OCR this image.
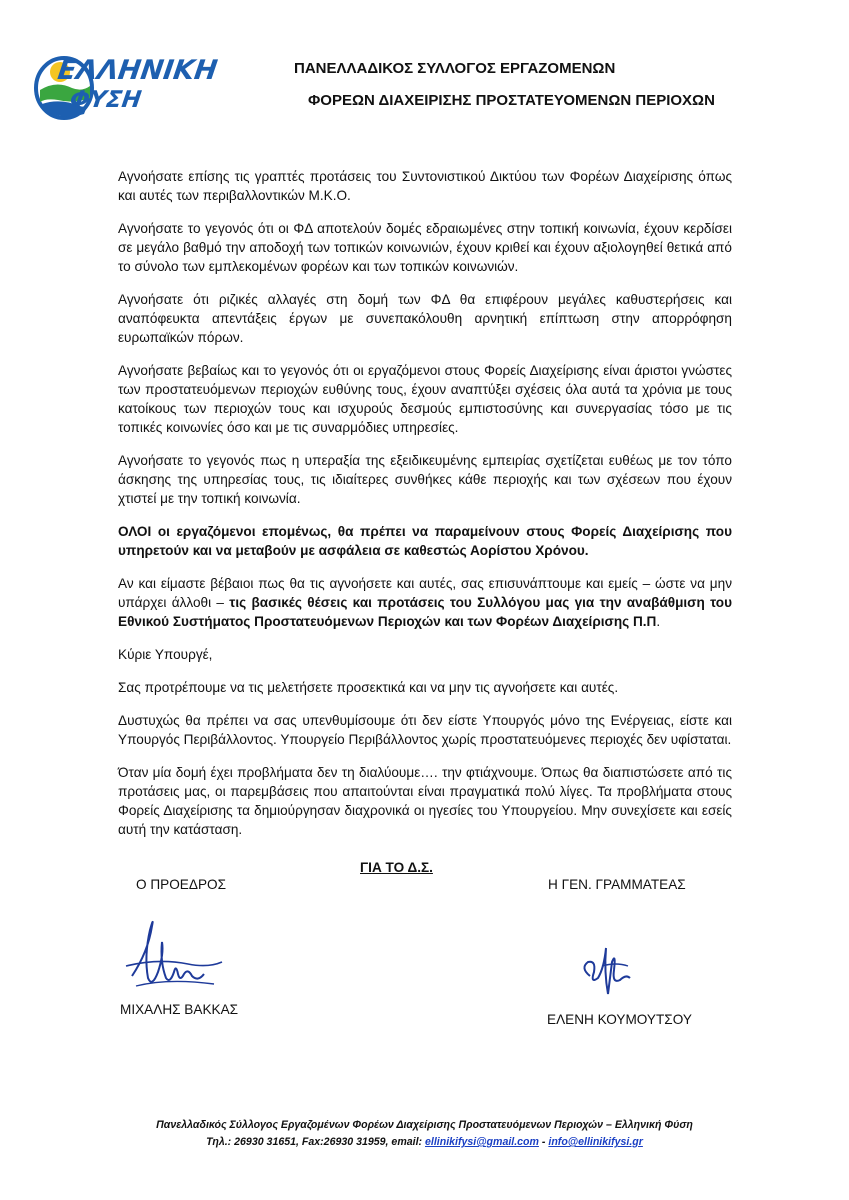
ΕΛΛΗΝΙΚΗ
ΦΥΣΗ
ΠΑΝΕΛΛΑΔΙΚΟΣ ΣΥΛΛΟΓΟΣ ΕΡΓΑΖΟΜΕΝΩΝ
ΦΟΡΕΩΝ ΔΙΑΧΕΙΡΙΣΗΣ ΠΡΟΣΤΑΤΕΥΟΜΕΝΩΝ ΠΕΡΙΟΧΩΝ

Αγνοήσατε επίσης τις γραπτές προτάσεις του Συντονιστικού Δικτύου των Φορέων Διαχείρισης όπως και αυτές των περιβαλλοντικών Μ.Κ.Ο.

Αγνοήσατε το γεγονός ότι οι ΦΔ αποτελούν δομές εδραιωμένες στην τοπική κοινωνία, έχουν κερδίσει σε μεγάλο βαθμό την αποδοχή των τοπικών κοινωνιών, έχουν κριθεί και έχουν αξιολογηθεί θετικά από το σύνολο των εμπλεκομένων φορέων και των τοπικών κοινωνιών.

Αγνοήσατε ότι ριζικές αλλαγές στη δομή των ΦΔ θα επιφέρουν μεγάλες καθυστερήσεις και αναπόφευκτα απεντάξεις έργων με συνεπακόλουθη αρνητική επίπτωση στην απορρόφηση ευρωπαϊκών πόρων.

Αγνοήσατε βεβαίως και το γεγονός ότι οι εργαζόμενοι στους Φορείς Διαχείρισης είναι άριστοι γνώστες των προστατευόμενων περιοχών ευθύνης τους, έχουν αναπτύξει σχέσεις όλα αυτά τα χρόνια με τους κατοίκους των περιοχών τους και ισχυρούς δεσμούς εμπιστοσύνης και συνεργασίας τόσο με τις τοπικές κοινωνίες όσο και με τις συναρμόδιες υπηρεσίες.

Αγνοήσατε το γεγονός πως η υπεραξία της εξειδικευμένης εμπειρίας σχετίζεται ευθέως με τον τόπο άσκησης της υπηρεσίας τους, τις ιδιαίτερες συνθήκες κάθε περιοχής και των σχέσεων που έχουν χτιστεί με την τοπική κοινωνία.

ΟΛΟΙ οι εργαζόμενοι επομένως, θα πρέπει να παραμείνουν στους Φορείς Διαχείρισης που υπηρετούν και να μεταβούν με ασφάλεια σε καθεστώς Αορίστου Χρόνου.

Αν και είμαστε βέβαιοι πως θα τις αγνοήσετε και αυτές, σας επισυνάπτουμε και εμείς – ώστε να μην υπάρχει άλλοθι – τις βασικές θέσεις και προτάσεις του Συλλόγου μας για την αναβάθμιση του Εθνικού Συστήματος Προστατευόμενων Περιοχών και των Φορέων Διαχείρισης Π.Π.

Κύριε Υπουργέ,

Σας προτρέπουμε να τις μελετήσετε προσεκτικά και να μην τις αγνοήσετε και αυτές.

Δυστυχώς θα πρέπει να σας υπενθυμίσουμε ότι δεν είστε Υπουργός μόνο της Ενέργειας, είστε και Υπουργός Περιβάλλοντος. Υπουργείο Περιβάλλοντος χωρίς προστατευόμενες περιοχές δεν υφίσταται.

Όταν μία δομή έχει προβλήματα δεν τη διαλύουμε…. την φτιάχνουμε. Όπως θα διαπιστώσετε από τις προτάσεις μας, οι παρεμβάσεις που απαιτούνται είναι πραγματικά πολύ λίγες. Τα προβλήματα στους Φορείς Διαχείρισης τα δημιούργησαν διαχρονικά οι ηγεσίες του Υπουργείου. Μην συνεχίσετε και εσείς αυτή την κατάσταση.

ΓΙΑ ΤΟ Δ.Σ.
Ο ΠΡΟΕΔΡΟΣ	Η ΓΕΝ. ΓΡΑΜΜΑΤΕΑΣ
ΜΙΧΑΛΗΣ ΒΑΚΚΑΣ
ΕΛΕΝΗ ΚΟΥΜΟΥΤΣΟΥ
Πανελλαδικός Σύλλογος Εργαζομένων Φορέων Διαχείρισης Προστατευόμενων Περιοχών – Ελληνική Φύση
Τηλ.: 26930 31651, Fax:26930 31959, email: ellinikifysi@gmail.com - info@ellinikifysi.gr
